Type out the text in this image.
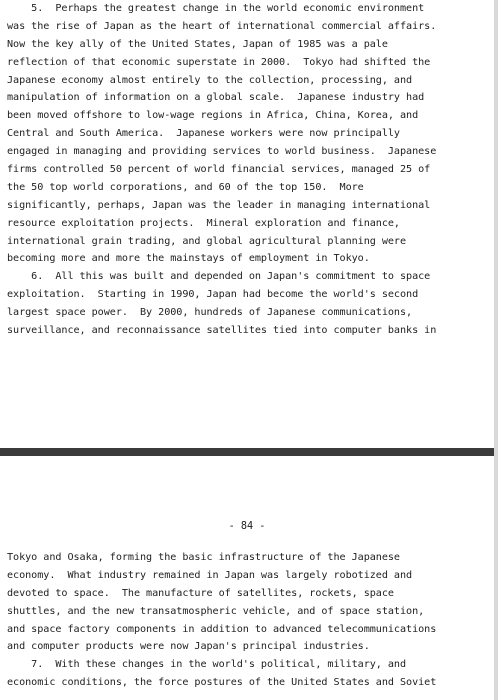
5.  Perhaps the greatest change in the world economic environment
was the rise of Japan as the heart of international commercial affairs.
Now the key ally of the United States, Japan of 1985 was a pale
reflection of that economic superstate in 2000.  Tokyo had shifted the
Japanese economy almost entirely to the collection, processing, and
manipulation of information on a global scale.  Japanese industry had
been moved offshore to low-wage regions in Africa, China, Korea, and
Central and South America.  Japanese workers were now principally
engaged in managing and providing services to world business.  Japanese
firms controlled 50 percent of world financial services, managed 25 of
the 50 top world corporations, and 60 of the top 150.  More
significantly, perhaps, Japan was the leader in managing international
resource exploitation projects.  Mineral exploration and finance,
international grain trading, and global agricultural planning were
becoming more and more the mainstays of employment in Tokyo.
6.  All this was built and depended on Japan's commitment to space
exploitation.  Starting in 1990, Japan had become the world's second
largest space power.  By 2000, hundreds of Japanese communications,
surveillance, and reconnaissance satellites tied into computer banks in
- 84 -
Tokyo and Osaka, forming the basic infrastructure of the Japanese
economy.  What industry remained in Japan was largely robotized and
devoted to space.  The manufacture of satellites, rockets, space
shuttles, and the new transatmospheric vehicle, and of space station,
and space factory components in addition to advanced telecommunications
and computer products were now Japan's principal industries.
7.  With these changes in the world's political, military, and
economic conditions, the force postures of the United States and Soviet
